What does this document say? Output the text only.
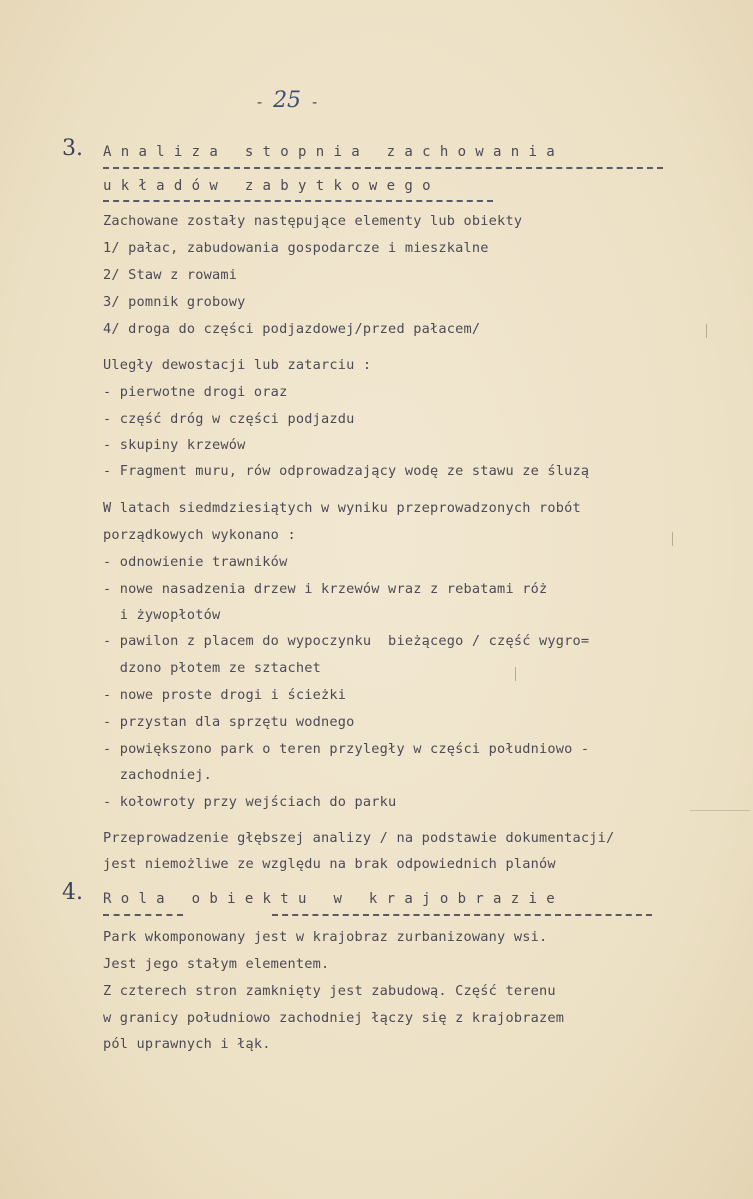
- 25 -
3. Analiza stopnia zachowania
układów zabytkowego
Zachowane zostały następujące elementy lub obiekty
1/ pałac, zabudowania gospodarcze i mieszkalne
2/ Staw z rowami
3/ pomnik grobowy
4/ droga do części podjazdowej/przed pałacem/
Uległy dewostacji lub zatarciu :
- pierwotne drogi oraz
- część dróg w części podjazdu
- skupiny krzewów
- Fragment muru, rów odprowadzający wodę ze stawu ze śluzą
W latach siedmdziesiątych w wyniku przeprowadzonych robót
porządkowych wykonano :
- odnowienie trawników
- nowe nasadzenia drzew i krzewów wraz z rebatami róż
i żywopłotów
- pawilon z placem do wypoczynku  bieżącego / część wygro=
dzono płotem ze sztachet
- nowe proste drogi i ścieżki
- przystan dla sprzętu wodnego
- powiększono park o teren przyległy w części południowo -
zachodniej.
- kołowroty przy wejściach do parku
Przeprowadzenie głębszej analizy / na podstawie dokumentacji/
jest niemożliwe ze względu na brak odpowiednich planów
4. Rola obiektu w krajobrazie
Park wkomponowany jest w krajobraz zurbanizowany wsi.
Jest jego stałym elementem.
Z czterech stron zamknięty jest zabudową. Część terenu
w granicy południowo zachodniej łączy się z krajobrazem
pól uprawnych i łąk.
